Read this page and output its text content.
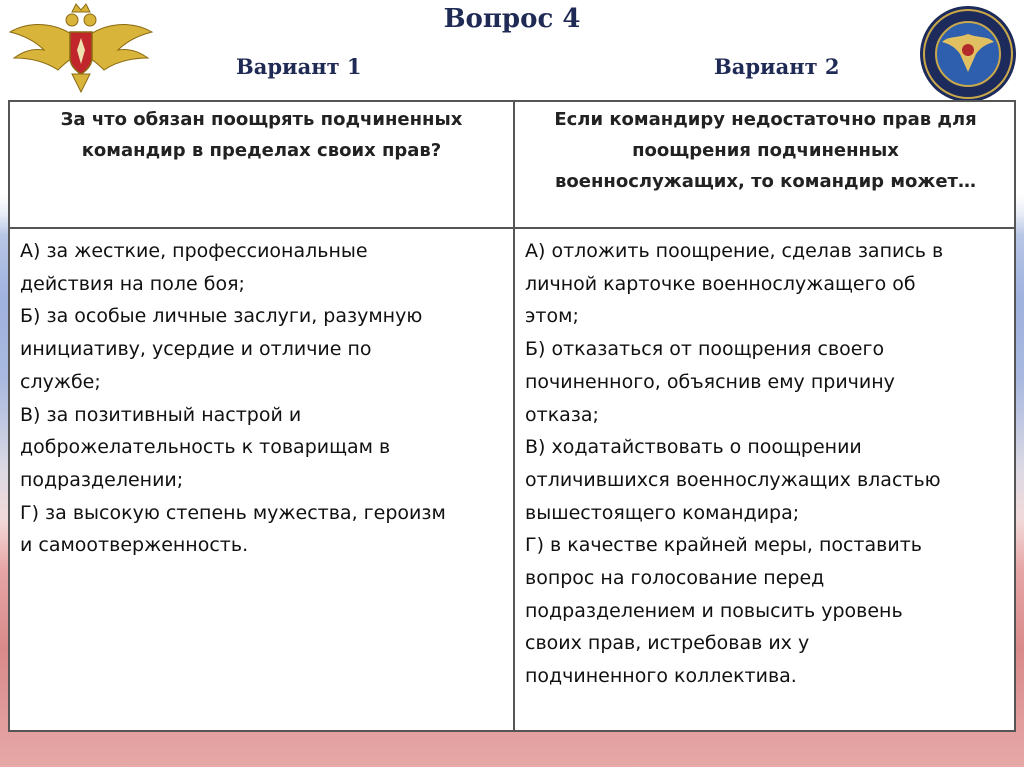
Вопрос 4
Вариант 1	Вариант 2
За что обязан поощрять подчиненных
командир в пределах своих прав?
А) за жесткие, профессиональные
действия на поле боя;
Б) за особые личные заслуги, разумную
инициативу, усердие и отличие по
службе;
В) за позитивный настрой и
доброжелательность к товарищам в
подразделении;
Г) за высокую степень мужества, героизм
и самоотверженность.
Если командиру недостаточно прав для
поощрения подчиненных
военнослужащих, то командир может…
А) отложить поощрение, сделав запись в
личной карточке военнослужащего об
этом;
Б) отказаться от поощрения своего
починенного, объяснив ему причину
отказа;
В) ходатайствовать о поощрении
отличившихся военнослужащих властью
вышестоящего командира;
Г) в качестве крайней меры, поставить
вопрос на голосование перед
подразделением и повысить уровень
своих прав, истребовав их у
подчиненного коллектива.
